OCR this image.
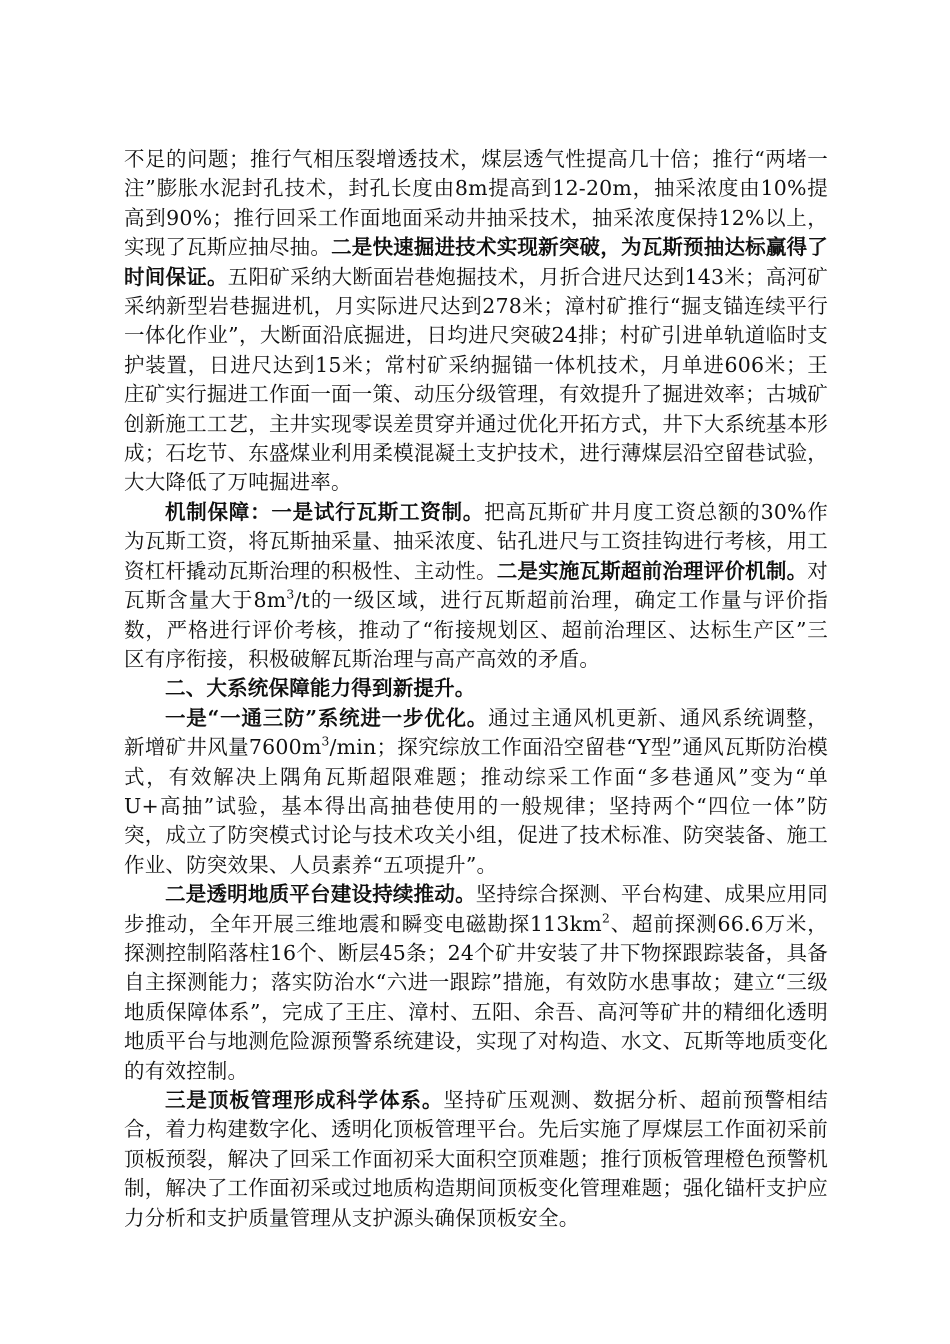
不足的问题；推行气相压裂增透技术，煤层透气性提高几十倍；推行“两堵一注”膨胀水泥封孔技术，封孔长度由8m提高到12-20m，抽采浓度由10%提高到90%；推行回采工作面地面采动井抽采技术，抽采浓度保持12%以上，实现了瓦斯应抽尽抽。二是快速掘进技术实现新突破，为瓦斯预抽达标赢得了时间保证。五阳矿采纳大断面岩巷炮掘技术，月折合进尺达到143米；高河矿采纳新型岩巷掘进机，月实际进尺达到278米；漳村矿推行“掘支锚连续平行一体化作业”，大断面沿底掘进，日均进尺突破24排；村矿引进单轨道临时支护装置，日进尺达到15米；常村矿采纳掘锚一体机技术，月单进606米；王庄矿实行掘进工作面一面一策、动压分级管理，有效提升了掘进效率；古城矿创新施工工艺，主井实现零误差贯穿并通过优化开拓方式，井下大系统基本形成；石圪节、东盛煤业利用柔模混凝土支护技术，进行薄煤层沿空留巷试验，大大降低了万吨掘进率。

机制保障：一是试行瓦斯工资制。把高瓦斯矿井月度工资总额的30%作为瓦斯工资，将瓦斯抽采量、抽采浓度、钻孔进尺与工资挂钩进行考核，用工资杠杆撬动瓦斯治理的积极性、主动性。二是实施瓦斯超前治理评价机制。对瓦斯含量大于$8m^3/t$的一级区域，进行瓦斯超前治理，确定工作量与评价指数，严格进行评价考核，推动了“衔接规划区、超前治理区、达标生产区”三区有序衔接，积极破解瓦斯治理与高产高效的矛盾。

二、大系统保障能力得到新提升。

一是“一通三防”系统进一步优化。通过主通风机更新、通风系统调整，新增矿井风量$7600m^3/\min$；探究综放工作面沿空留巷“Y型”通风瓦斯防治模式，有效解决上隅角瓦斯超限难题；推动综采工作面“多巷通风”变为“单U+高抽”试验，基本得出高抽巷使用的一般规律；坚持两个“四位一体”防突，成立了防突模式讨论与技术攻关小组，促进了技术标准、防突装备、施工作业、防突效果、人员素养“五项提升”。

二是透明地质平台建设持续推动。坚持综合探测、平台构建、成果应用同步推动，全年开展三维地震和瞬变电磁勘探$113km^2$、超前探测66.6万米，探测控制陷落柱16个、断层45条；24个矿井安装了井下物探跟踪装备，具备自主探测能力；落实防治水“六进一跟踪”措施，有效防水患事故；建立“三级地质保障体系”，完成了王庄、漳村、五阳、余吾、高河等矿井的精细化透明地质平台与地测危险源预警系统建设，实现了对构造、水文、瓦斯等地质变化的有效控制。

三是顶板管理形成科学体系。坚持矿压观测、数据分析、超前预警相结合，着力构建数字化、透明化顶板管理平台。先后实施了厚煤层工作面初采前顶板预裂，解决了回采工作面初采大面积空顶难题；推行顶板管理橙色预警机制，解决了工作面初采或过地质构造期间顶板变化管理难题；强化锚杆支护应力分析和支护质量管理从支护源头确保顶板安全。
